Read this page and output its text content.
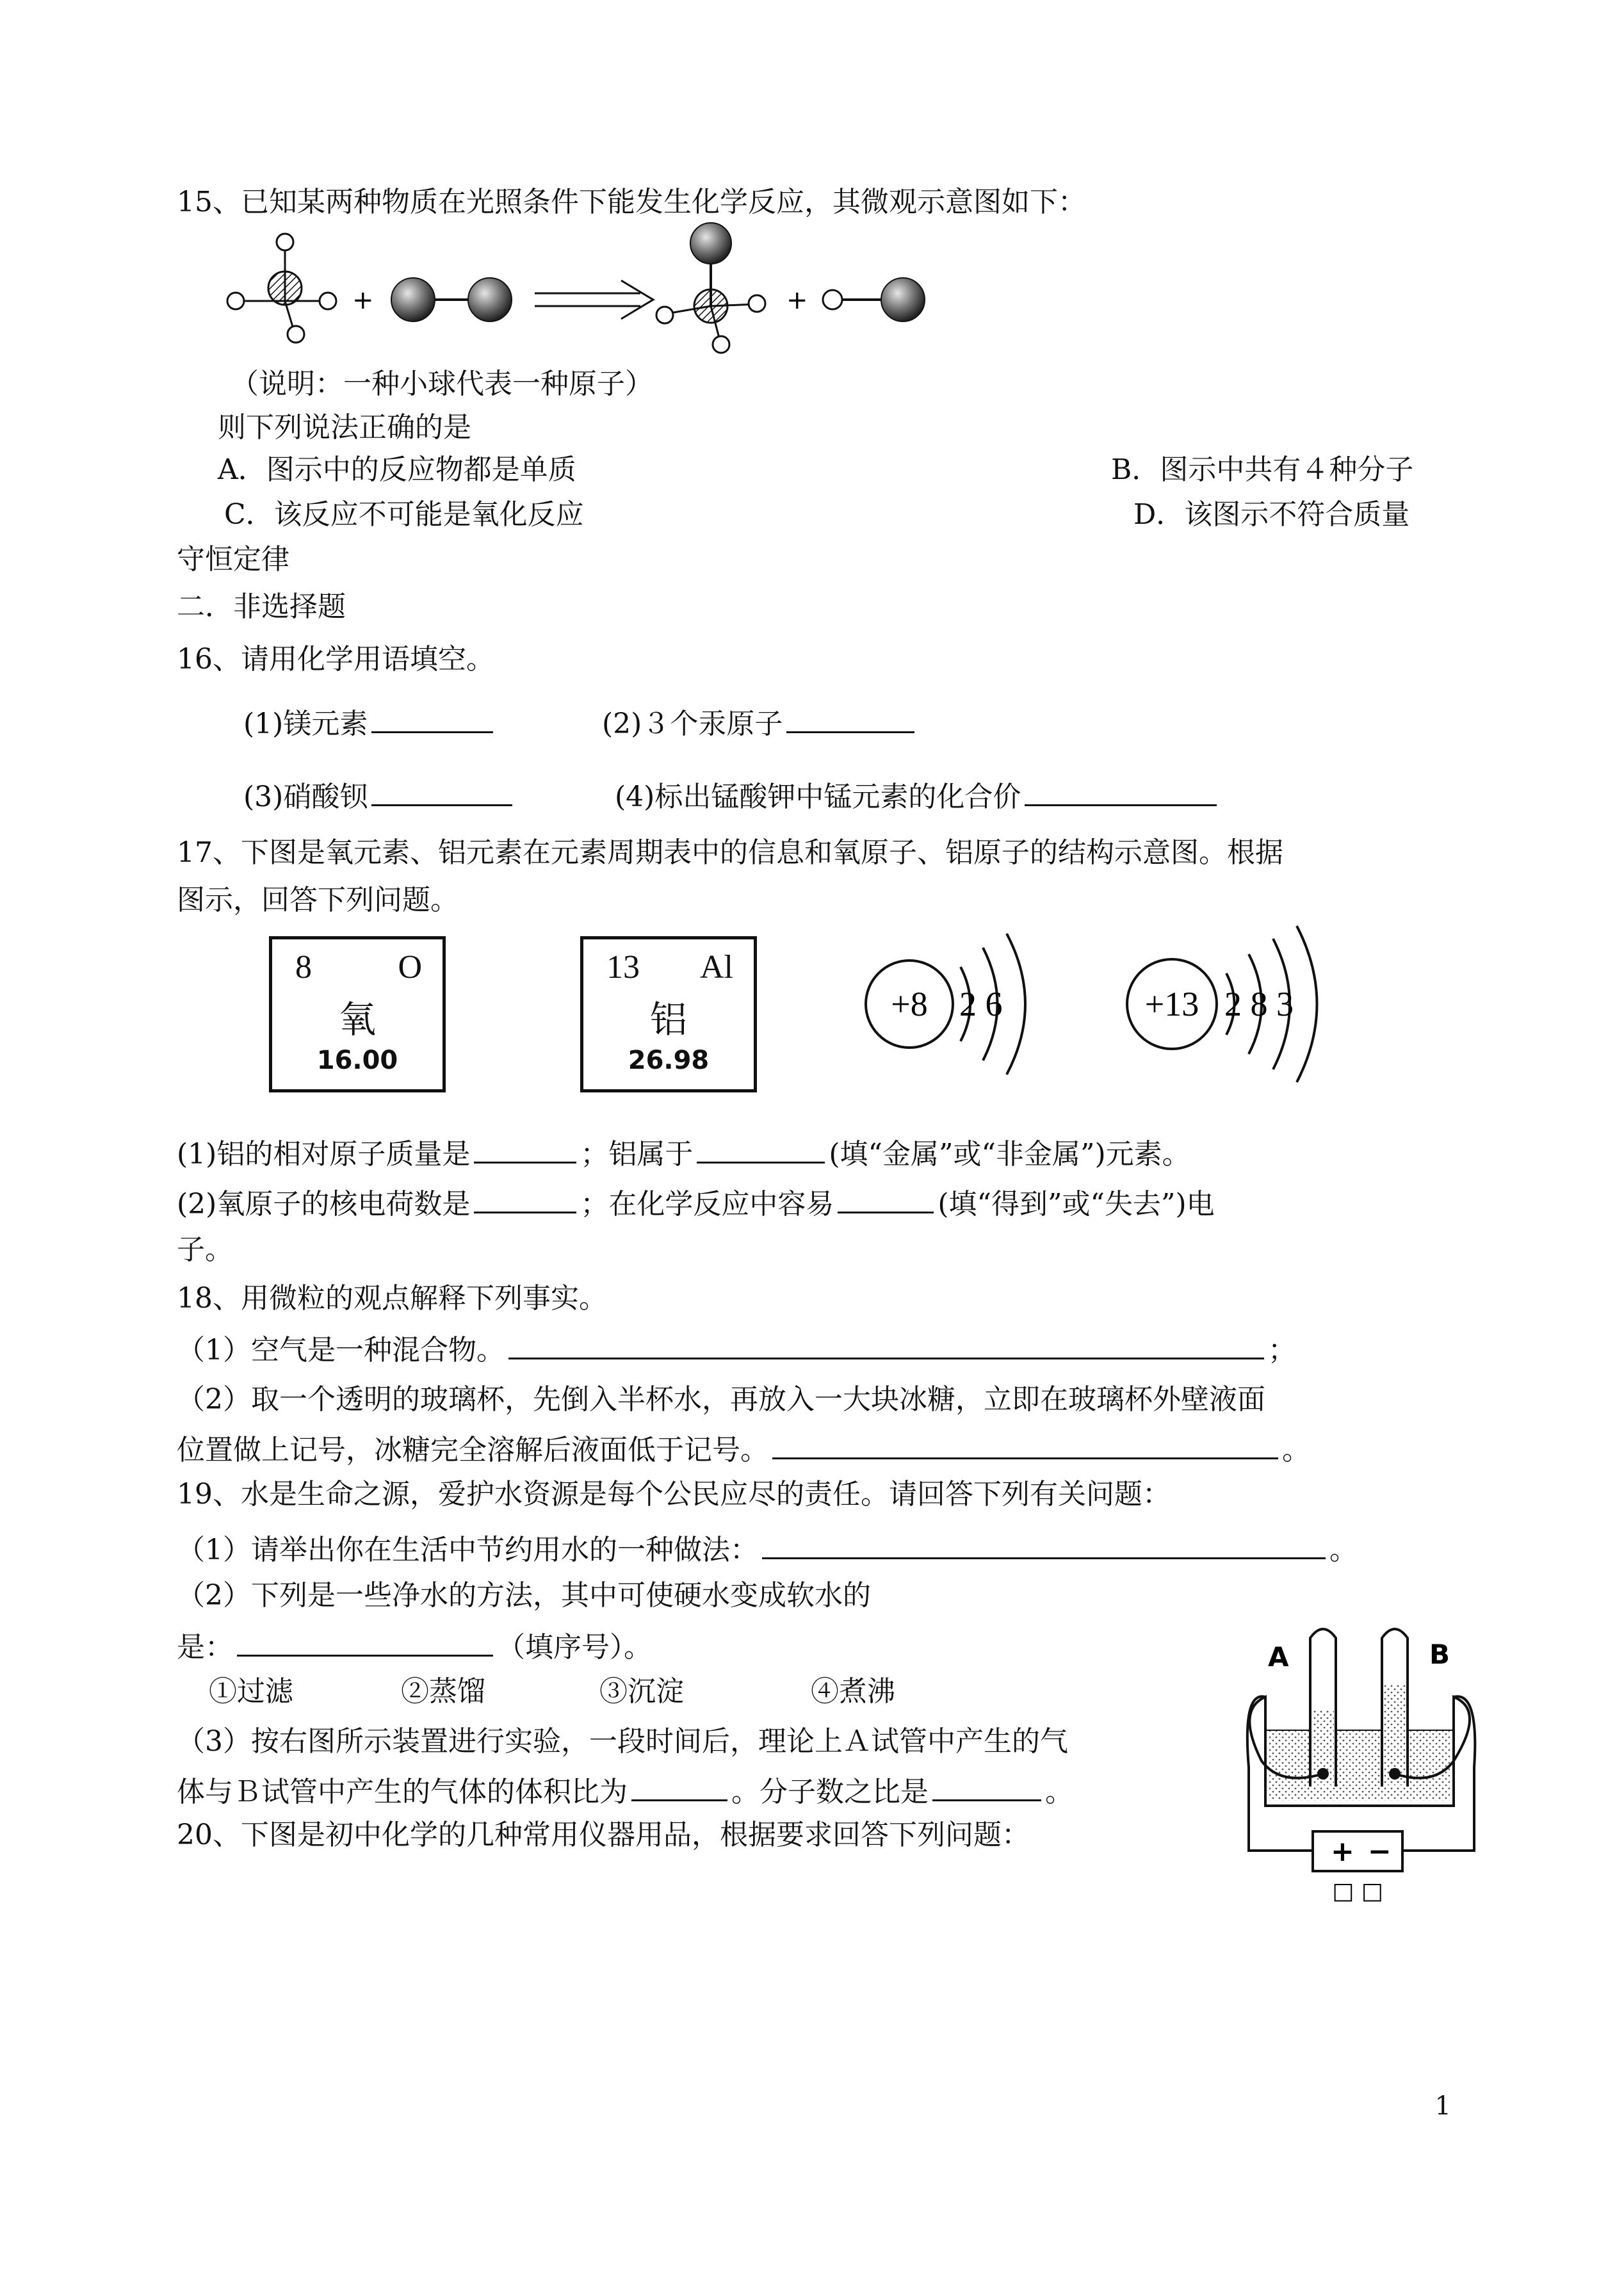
15、已知某两种物质在光照条件下能发生化学反应，其微观示意图如下：
+	+
（说明：一种小球代表一种原子）
则下列说法正确的是
A．图示中的反应物都是单质	B．图示中共有４种分子
C．该反应不可能是氧化反应	D．该图示不符合质量
守恒定律
二．非选择题
16、请用化学用语填空。
(1)镁元素	(2)３个汞原子
(3)硝酸钡	(4)标出锰酸钾中锰元素的化合价
17、下图是氧元素、铝元素在元素周期表中的信息和氧原子、铝原子的结构示意图。根据
图示，回答下列问题。
8	O
氧
16.00
13 Al
铝
26.98
+8 2 6	+13 2 8 3
(1)铝的相对原子质量是	；铝属于	(填“金属”或“非金属”)元素。
(2)氧原子的核电荷数是	；在化学反应中容易	(填“得到”或“失去”)电
子。
18、用微粒的观点解释下列事实。
（1）空气是一种混合物。	；
（2）取一个透明的玻璃杯，先倒入半杯水，再放入一大块冰糖，立即在玻璃杯外壁液面
位置做上记号，冰糖完全溶解后液面低于记号。	。
19、水是生命之源，爱护水资源是每个公民应尽的责任。请回答下列有关问题：
（1）请举出你在生活中节约用水的一种做法：	。
（2）下列是一些净水的方法，其中可使硬水变成软水的
是：	（填序号）。
①过滤	②蒸馏	③沉淀	④煮沸
（3）按右图所示装置进行实验，一段时间后，理论上Ａ试管中产生的气
体与Ｂ试管中产生的气体的体积比为	。分子数之比是	。
A	B
+ −
□ □
20、下图是初中化学的几种常用仪器用品，根据要求回答下列问题：
1
